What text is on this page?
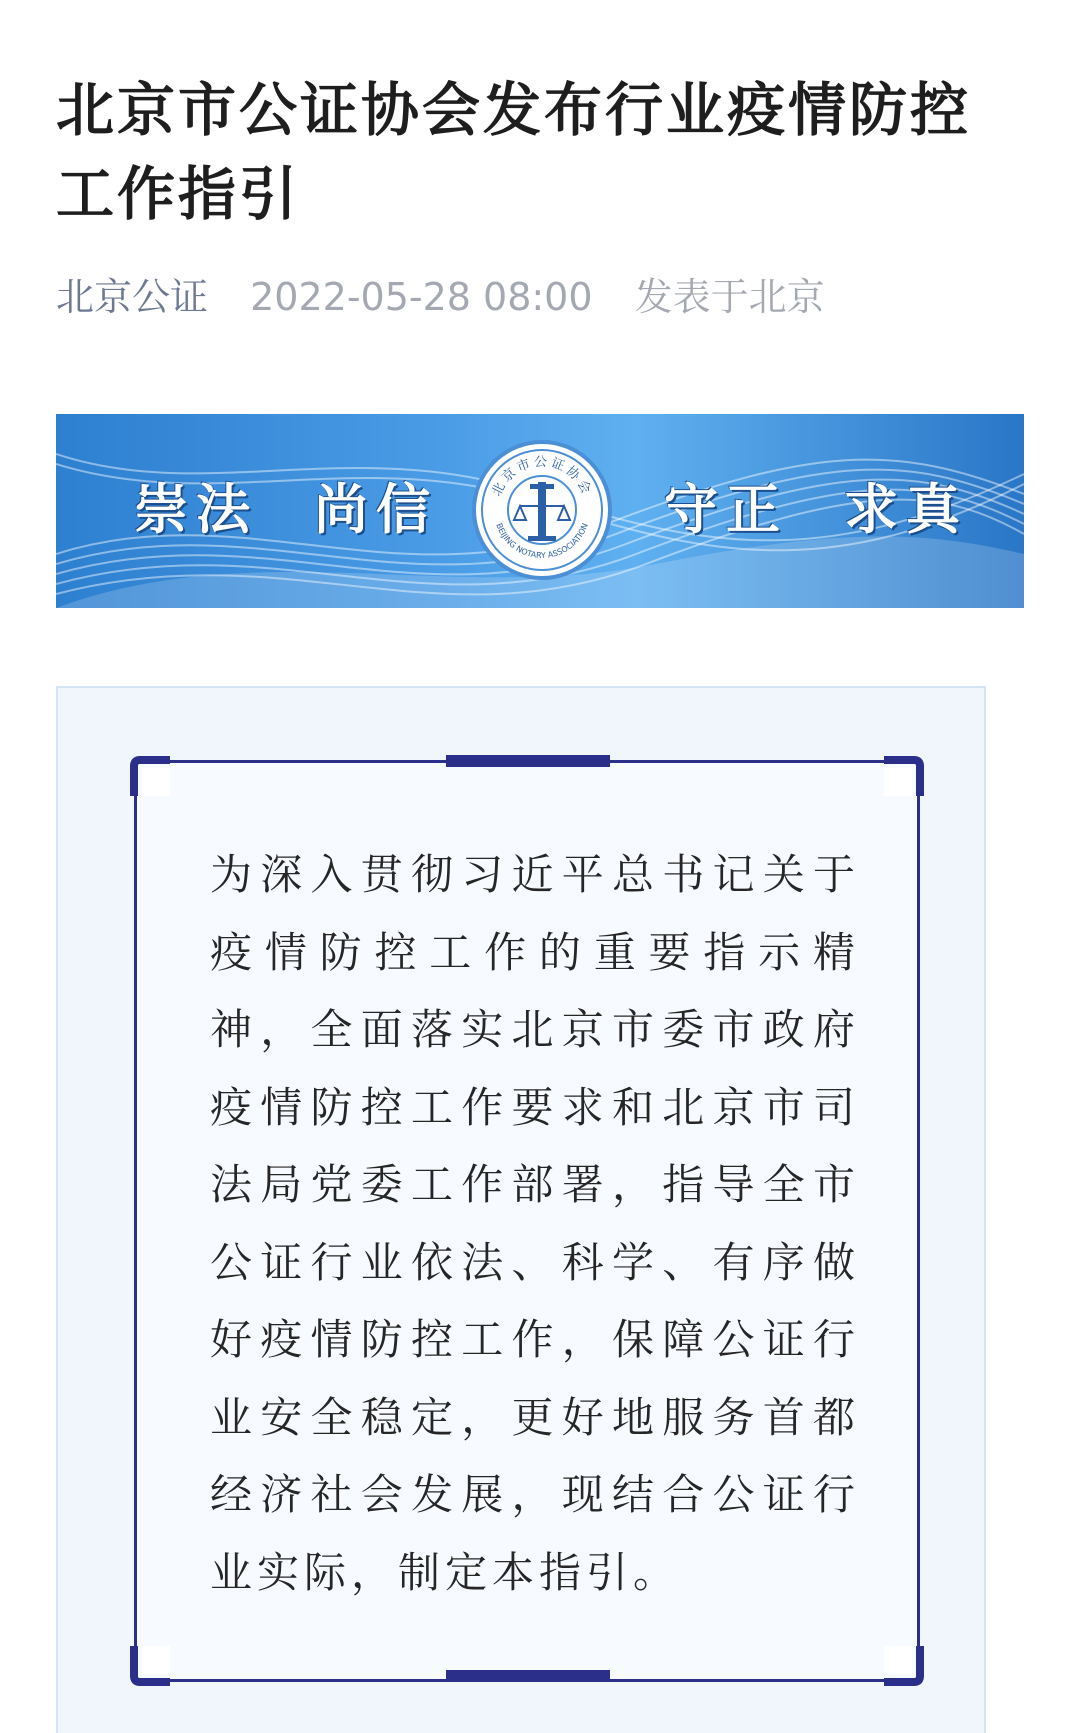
北京市公证协会发布行业疫情防控工作指引
北京公证 2022-05-28 08:00 发表于北京
崇法 尚信	北京市公证协会
BEIJING NOTARY ASSOCIATION 守正 求真

为深入贯彻习近平总书记关于疫情防控工作的重要指示精神，全面落实北京市委市政府疫情防控工作要求和北京市司法局党委工作部署，指导全市公证行业依法、科学、有序做好疫情防控工作，保障公证行业安全稳定，更好地服务首都经济社会发展，现结合公证行业实际，制定本指引。
